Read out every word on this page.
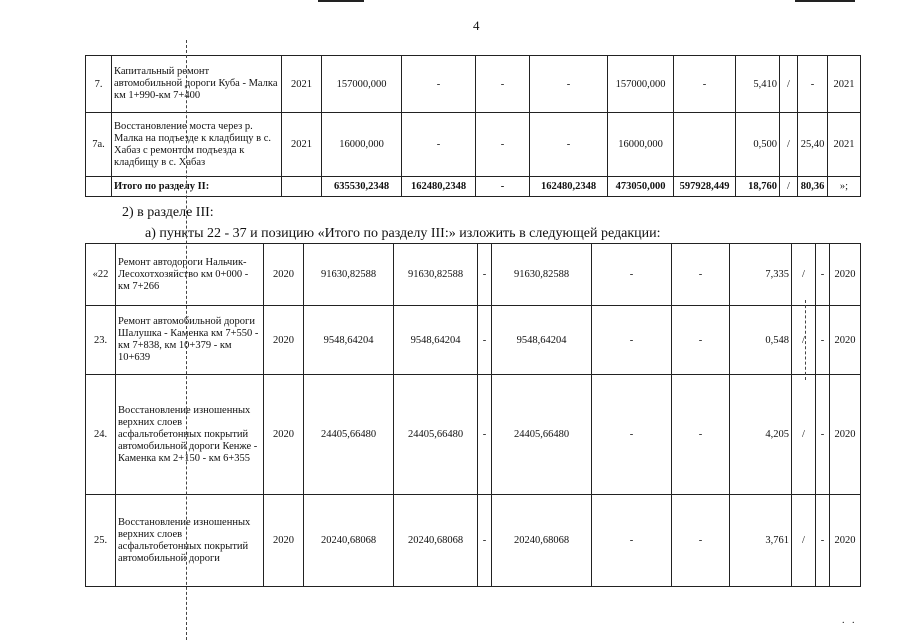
4
7.	Капитальный ремонт автомобильной дороги Куба - Малка км 1+990-км 7+400	2021	157000,000	-	-	-	157000,000	-	5,410	/	-	2021
7а.	Восстановление моста через р. Малка на подъезде к кладбищу в с. Хабаз с ремонтом подъезда к кладбищу в с. Хабаз	2021	16000,000	-	-	-	16000,000		0,500	/	25,40	2021
	Итого по разделу II:		635530,2348	162480,2348	-	162480,2348	473050,000	597928,449	18,760	/	80,36	»;
2) в разделе III:
а) пункты 22 - 37 и позицию «Итого по разделу III:» изложить в следующей редакции:
«22	Ремонт автодороги Нальчик-Лесохотхозяйство км 0+000 - км 7+266	2020	91630,82588	91630,82588	-	91630,82588	-	-	7,335	/	-	2020
23.	Ремонт автомобильной дороги Шалушка - Каменка км 7+550 - км 7+838, км 10+379 - км 10+639	2020	9548,64204	9548,64204	-	9548,64204	-	-	0,548	/	-	2020
24.	Восстановление изношенных верхних слоев асфальтобетонных покрытий автомобильной дороги Кенже - Каменка км 2+150 - км 6+355	2020	24405,66480	24405,66480	-	24405,66480	-	-	4,205	/	-	2020
25.	Восстановление изношенных верхних слоев асфальтобетонных покрытий автомобильной дороги	2020	20240,68068	20240,68068	-	20240,68068	-	-	3,761	/	-	2020
.   .
